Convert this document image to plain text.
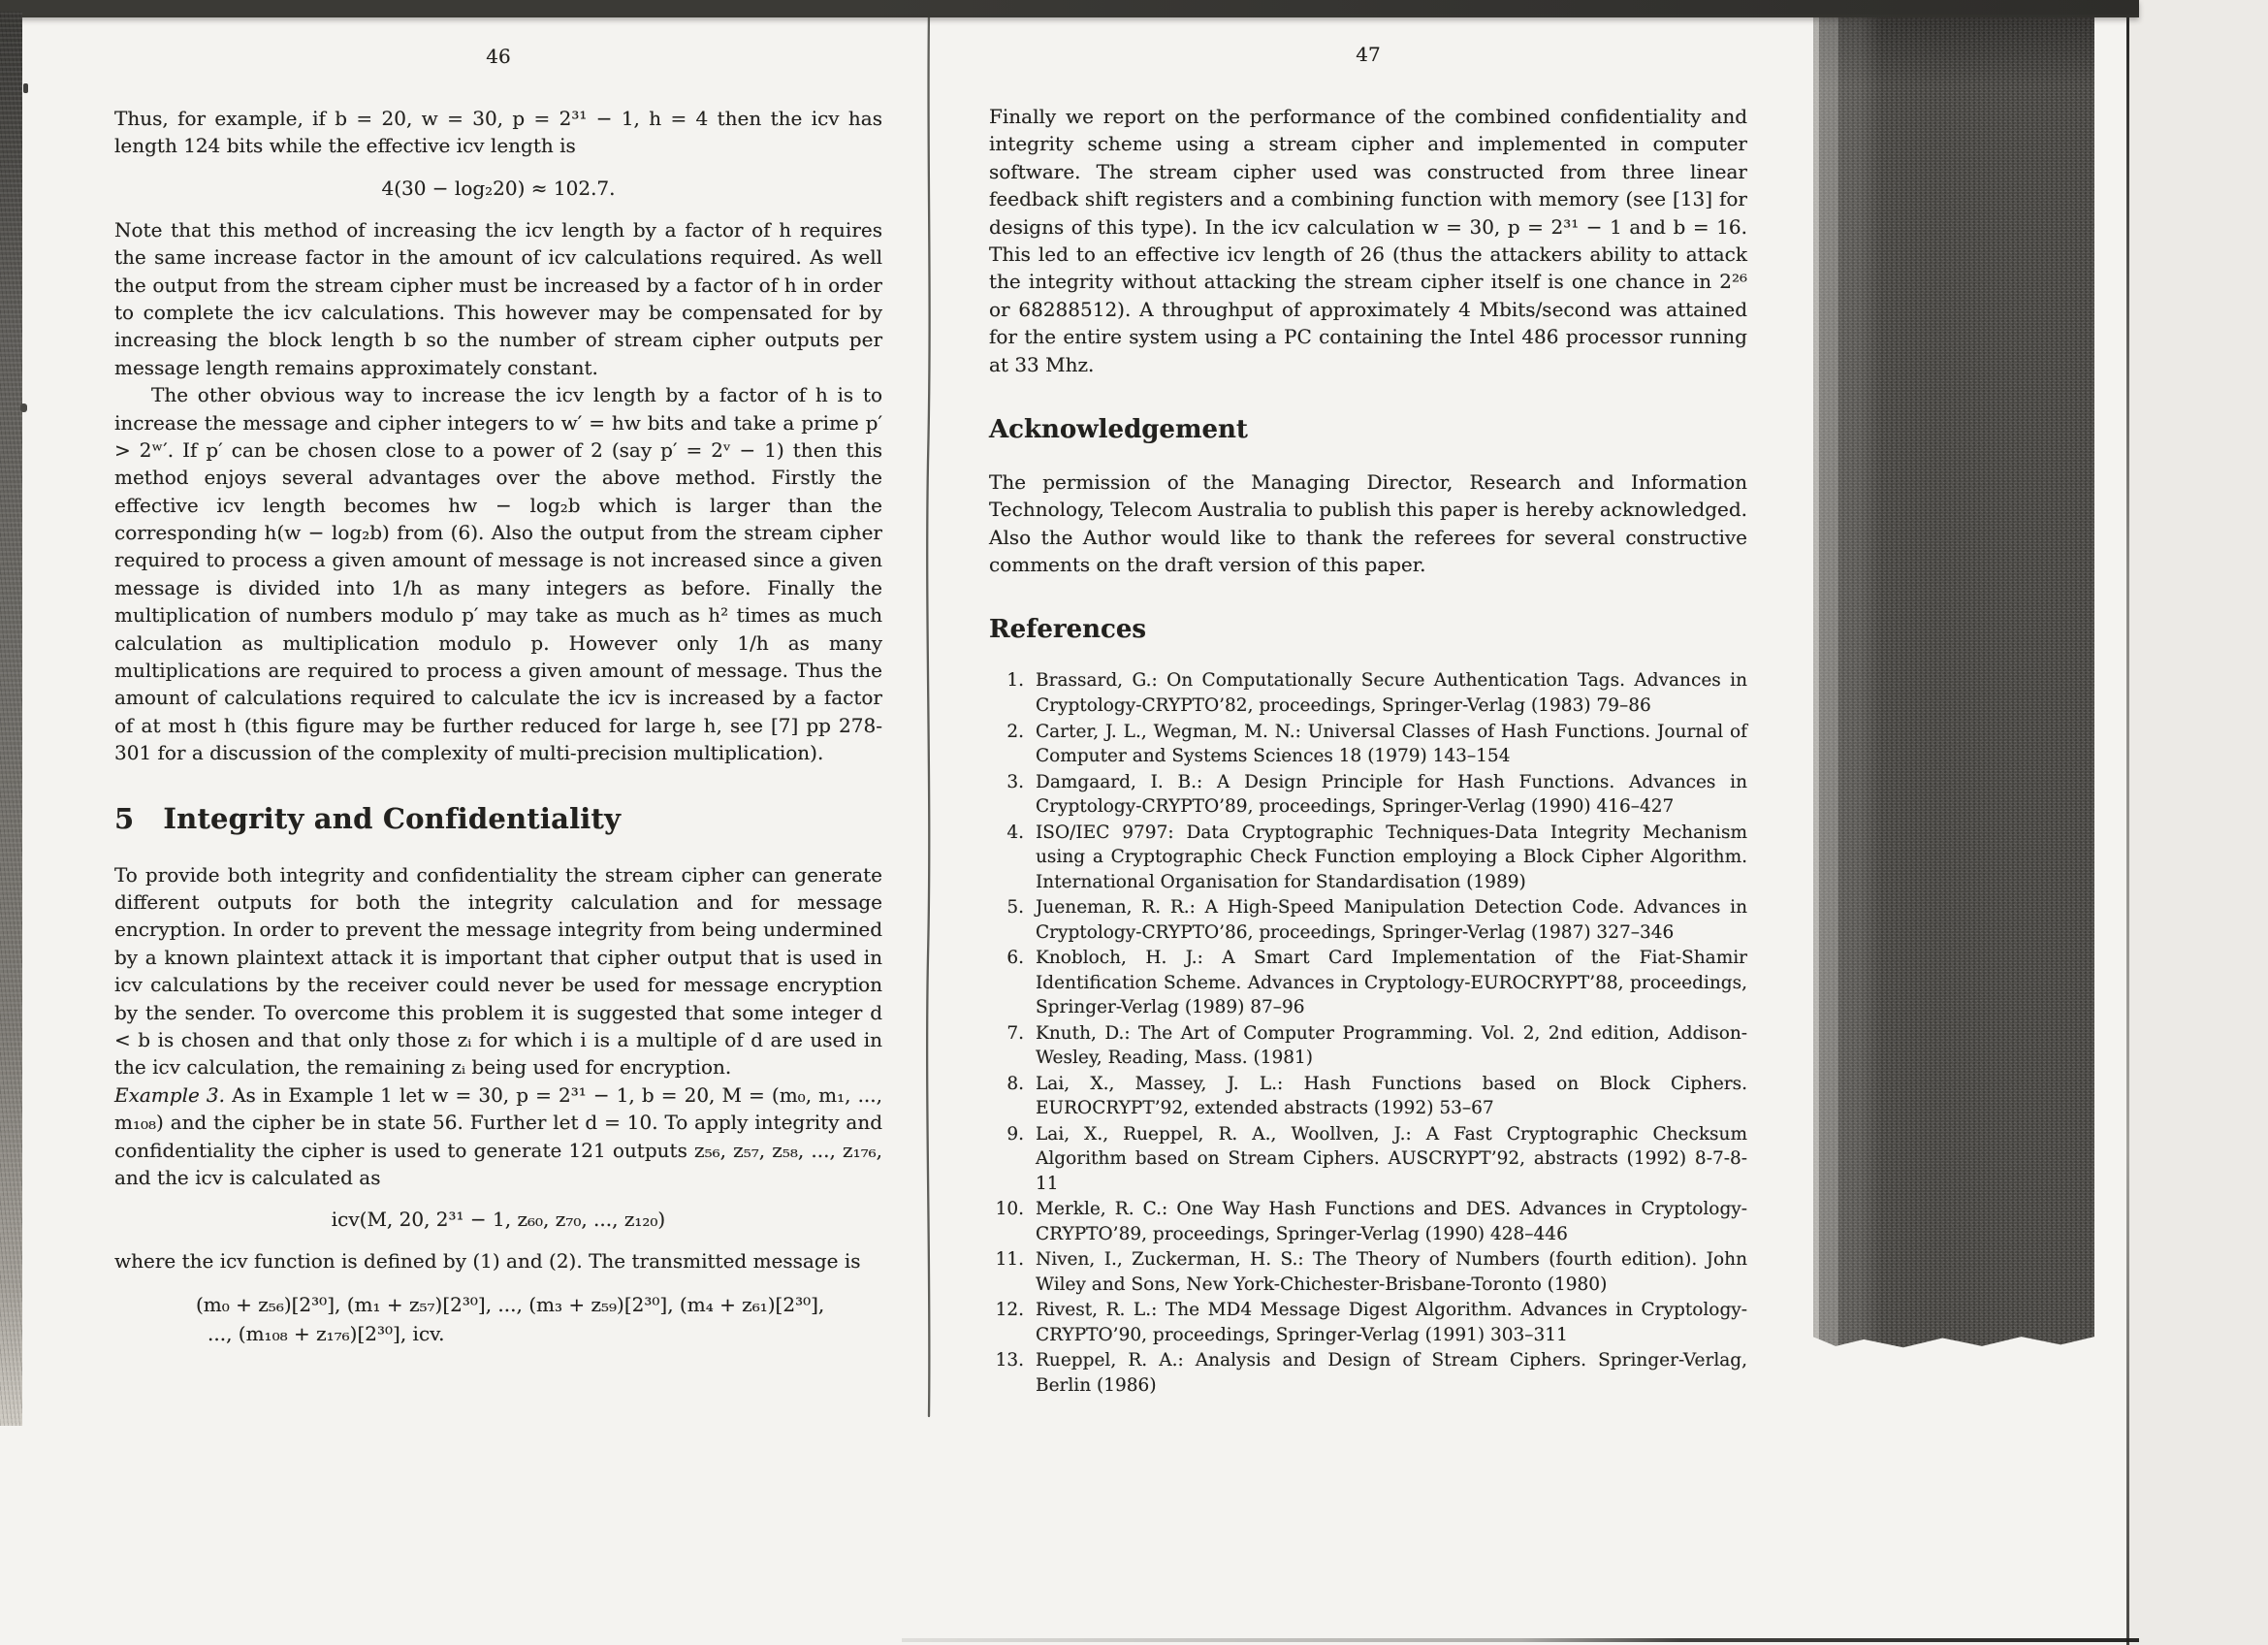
46

Thus, for example, if b = 20, w = 30, p = 2³¹ − 1, h = 4 then the icv has length 124 bits while the effective icv length is

4(30 − log₂20) ≈ 102.7.

Note that this method of increasing the icv length by a factor of h requires the same increase factor in the amount of icv calculations required. As well the output from the stream cipher must be increased by a factor of h in order to complete the icv calculations. This however may be compensated for by increasing the block length b so the number of stream cipher outputs per message length remains approximately constant.

The other obvious way to increase the icv length by a factor of h is to increase the message and cipher integers to w′ = hw bits and take a prime p′ > 2ʷ′. If p′ can be chosen close to a power of 2 (say p′ = 2ᵛ − 1) then this method enjoys several advantages over the above method. Firstly the effective icv length becomes hw − log₂b which is larger than the corresponding h(w − log₂b) from (6). Also the output from the stream cipher required to process a given amount of message is not increased since a given message is divided into 1/h as many integers as before. Finally the multiplication of numbers modulo p′ may take as much as h² times as much calculation as multiplication modulo p. However only 1/h as many multiplications are required to process a given amount of message. Thus the amount of calculations required to calculate the icv is increased by a factor of at most h (this figure may be further reduced for large h, see [7] pp 278-301 for a discussion of the complexity of multi-precision multiplication).

5 Integrity and Confidentiality

To provide both integrity and confidentiality the stream cipher can generate different outputs for both the integrity calculation and for message encryption. In order to prevent the message integrity from being undermined by a known plaintext attack it is important that cipher output that is used in icv calculations by the receiver could never be used for message encryption by the sender. To overcome this problem it is suggested that some integer d < b is chosen and that only those zᵢ for which i is a multiple of d are used in the icv calculation, the remaining zᵢ being used for encryption.

Example 3. As in Example 1 let w = 30, p = 2³¹ − 1, b = 20, M = (m₀, m₁, ..., m₁₀₈) and the cipher be in state 56. Further let d = 10. To apply integrity and confidentiality the cipher is used to generate 121 outputs z₅₆, z₅₇, z₅₈, ..., z₁₇₆, and the icv is calculated as

icv(M, 20, 2³¹ − 1, z₆₀, z₇₀, ..., z₁₂₀)

where the icv function is defined by (1) and (2). The transmitted message is

(m₀ + z₅₆)[2³⁰], (m₁ + z₅₇)[2³⁰], ..., (m₃ + z₅₉)[2³⁰], (m₄ + z₆₁)[2³⁰],
..., (m₁₀₈ + z₁₇₆)[2³⁰], icv.

47

Finally we report on the performance of the combined confidentiality and integrity scheme using a stream cipher and implemented in computer software. The stream cipher used was constructed from three linear feedback shift registers and a combining function with memory (see [13] for designs of this type). In the icv calculation w = 30, p = 2³¹ − 1 and b = 16. This led to an effective icv length of 26 (thus the attackers ability to attack the integrity without attacking the stream cipher itself is one chance in 2²⁶ or 68288512). A throughput of approximately 4 Mbits/second was attained for the entire system using a PC containing the Intel 486 processor running at 33 Mhz.

Acknowledgement

The permission of the Managing Director, Research and Information Technology, Telecom Australia to publish this paper is hereby acknowledged. Also the Author would like to thank the referees for several constructive comments on the draft version of this paper.

References
1. Brassard, G.: On Computationally Secure Authentication Tags. Advances in Cryptology-CRYPTO’82, proceedings, Springer-Verlag (1983) 79–86
2. Carter, J. L., Wegman, M. N.: Universal Classes of Hash Functions. Journal of Computer and Systems Sciences 18 (1979) 143–154
3. Damgaard, I. B.: A Design Principle for Hash Functions. Advances in Cryptology-CRYPTO’89, proceedings, Springer-Verlag (1990) 416–427
4. ISO/IEC 9797: Data Cryptographic Techniques-Data Integrity Mechanism using a Cryptographic Check Function employing a Block Cipher Algorithm. International Organisation for Standardisation (1989)
5. Jueneman, R. R.: A High-Speed Manipulation Detection Code. Advances in Cryptology-CRYPTO’86, proceedings, Springer-Verlag (1987) 327–346
6. Knobloch, H. J.: A Smart Card Implementation of the Fiat-Shamir Identification Scheme. Advances in Cryptology-EUROCRYPT’88, proceedings, Springer-Verlag (1989) 87–96
7. Knuth, D.: The Art of Computer Programming. Vol. 2, 2nd edition, Addison-Wesley, Reading, Mass. (1981)
8. Lai, X., Massey, J. L.: Hash Functions based on Block Ciphers. EUROCRYPT’92, extended abstracts (1992) 53–67
9. Lai, X., Rueppel, R. A., Woollven, J.: A Fast Cryptographic Checksum Algorithm based on Stream Ciphers. AUSCRYPT’92, abstracts (1992) 8-7-8-11
10. Merkle, R. C.: One Way Hash Functions and DES. Advances in Cryptology-CRYPTO’89, proceedings, Springer-Verlag (1990) 428–446
11. Niven, I., Zuckerman, H. S.: The Theory of Numbers (fourth edition). John Wiley and Sons, New York-Chichester-Brisbane-Toronto (1980)
12. Rivest, R. L.: The MD4 Message Digest Algorithm. Advances in Cryptology-CRYPTO’90, proceedings, Springer-Verlag (1991) 303–311
13. Rueppel, R. A.: Analysis and Design of Stream Ciphers. Springer-Verlag, Berlin (1986)
